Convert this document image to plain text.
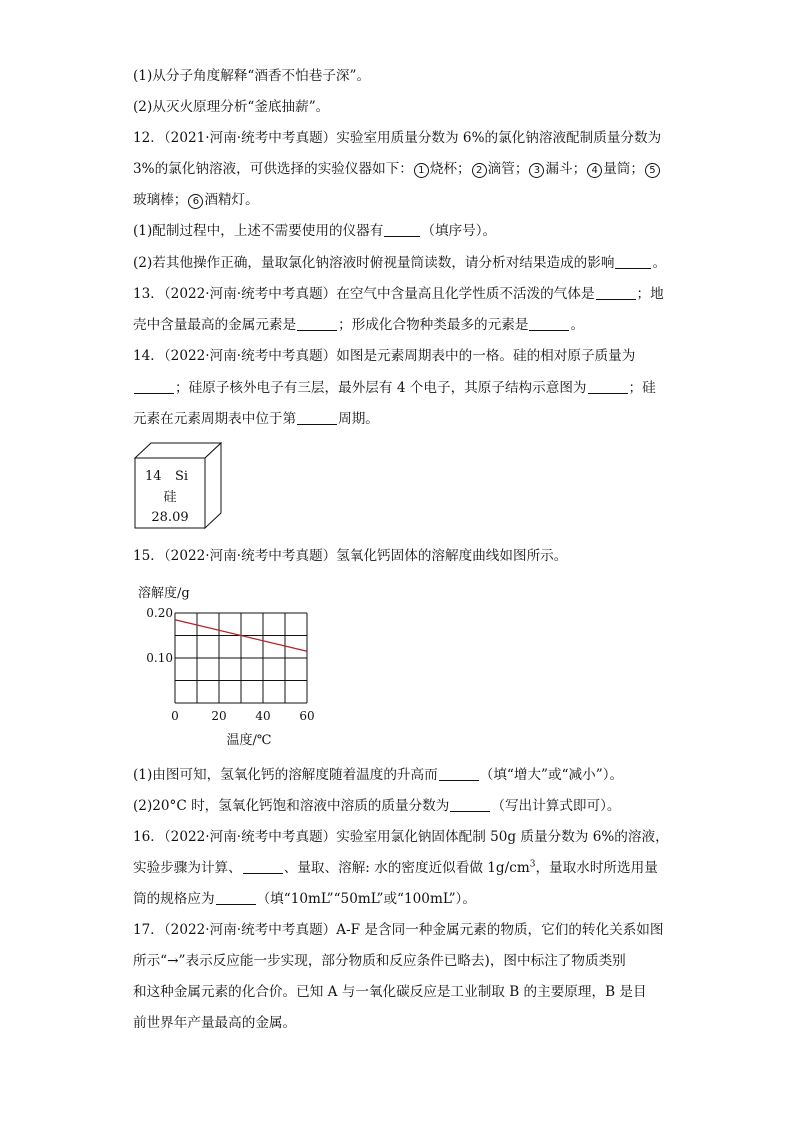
(1)从分子角度解释“酒香不怕巷子深”。
(2)从灭火原理分析“釜底抽薪”。
12．（2021·河南·统考中考真题）实验室用质量分数为 6%的氯化钠溶液配制质量分数为
3%的氯化钠溶液，可供选择的实验仪器如下： 1 烧杯； 2 滴管； 3 漏斗； 4 量筒； 5
玻璃棒； 6 酒精灯。
(1)配制过程中，上述不需要使用的仪器有	（填序号）。
(2)若其他操作正确，量取氯化钠溶液时俯视量筒读数，请分析对结果造成的影响	。
13．（2022·河南·统考中考真题）在空气中含量高且化学性质不活泼的气体是	；地
壳中含量最高的金属元素是	；形成化合物种类最多的元素是	。
14．（2022·河南·统考中考真题）如图是元素周期表中的一格。硅的相对原子质量为
；硅原子核外电子有三层，最外层有 4 个电子，其原子结构示意图为	；硅
元素在元素周期表中位于第	周期。
14 Si
硅
28.09
15．（2022·河南·统考中考真题）氢氧化钙固体的溶解度曲线如图所示。
溶解度/g
0.10
0.20
0	20 40 60
温度/℃
(1)由图可知，氢氧化钙的溶解度随着温度的升高而	（填“增大”或“减小”）。
(2)20°C 时，氢氧化钙饱和溶液中溶质的质量分数为	（写出计算式即可）。
16．（2022·河南·统考中考真题）实验室用氯化钠固体配制 50g 质量分数为 6%的溶液，
实验步骤为计算、	、量取、溶解: 水的密度近似看做 $1g/cm^3$，量取水时所选用量
筒的规格应为	（填“10mL”“50mL”或“100mL”）。
17．（2022·河南·统考中考真题）A-F 是含同一种金属元素的物质，它们的转化关系如图
所示“→”表示反应能一步实现，部分物质和反应条件已略去)，图中标注了物质类别
和这种金属元素的化合价。已知 A 与一氧化碳反应是工业制取 B 的主要原理，B 是目
前世界年产量最高的金属。
